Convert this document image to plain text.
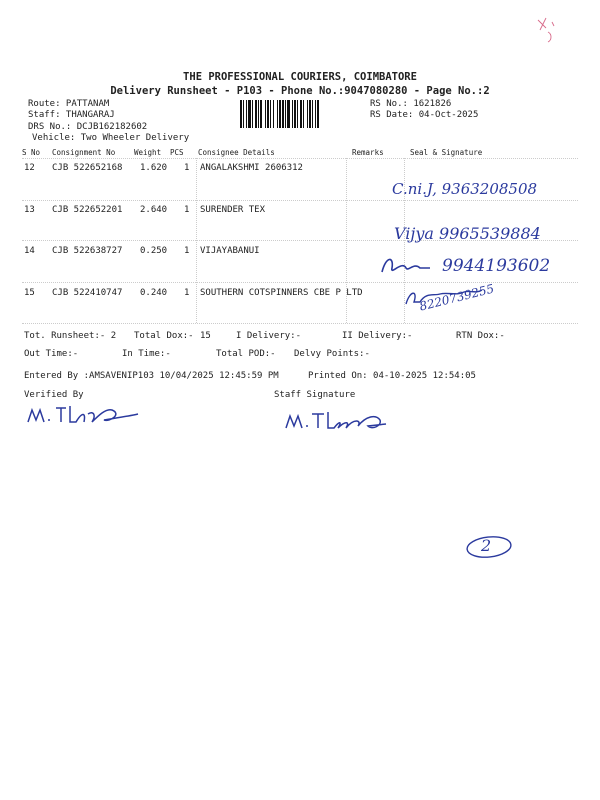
THE PROFESSIONAL COURIERS, COIMBATORE
Delivery Runsheet - P103 - Phone No.:9047080280 - Page No.:2
Route: PATTANAM
Staff: THANGARAJ
DRS No.: DCJB162182602
Vehicle: Two Wheeler Delivery
RS No.: 1621826
RS Date: 04-Oct-2025
S No Consignment No	Weight PCS Consignee Details	Remarks	Seal & Signature
12 CJB 522652168 1.620 1 ANGALAKSHMI 2606312
C.ni.J, 9363208508
13 CJB 522652201 2.640 1 SURENDER TEX
Vijya 9965539884
14 CJB 522638727 0.250 1 VIJAYABANUI
9944193602
15 CJB 522410747 0.240 1 SOUTHERN COTSPINNERS CBE P LTD	8220739255
Tot. Runsheet:- 2 Total Dox:- 15	I Delivery:-	II Delivery:-	RTN Dox:-
Out Time:-	In Time:-	Total POD:- Delvy Points:-
Entered By :AMSAVENIP103 10/04/2025 12:45:59 PM	Printed On: 04-10-2025 12:54:05
Verified By	Staff Signature
2
